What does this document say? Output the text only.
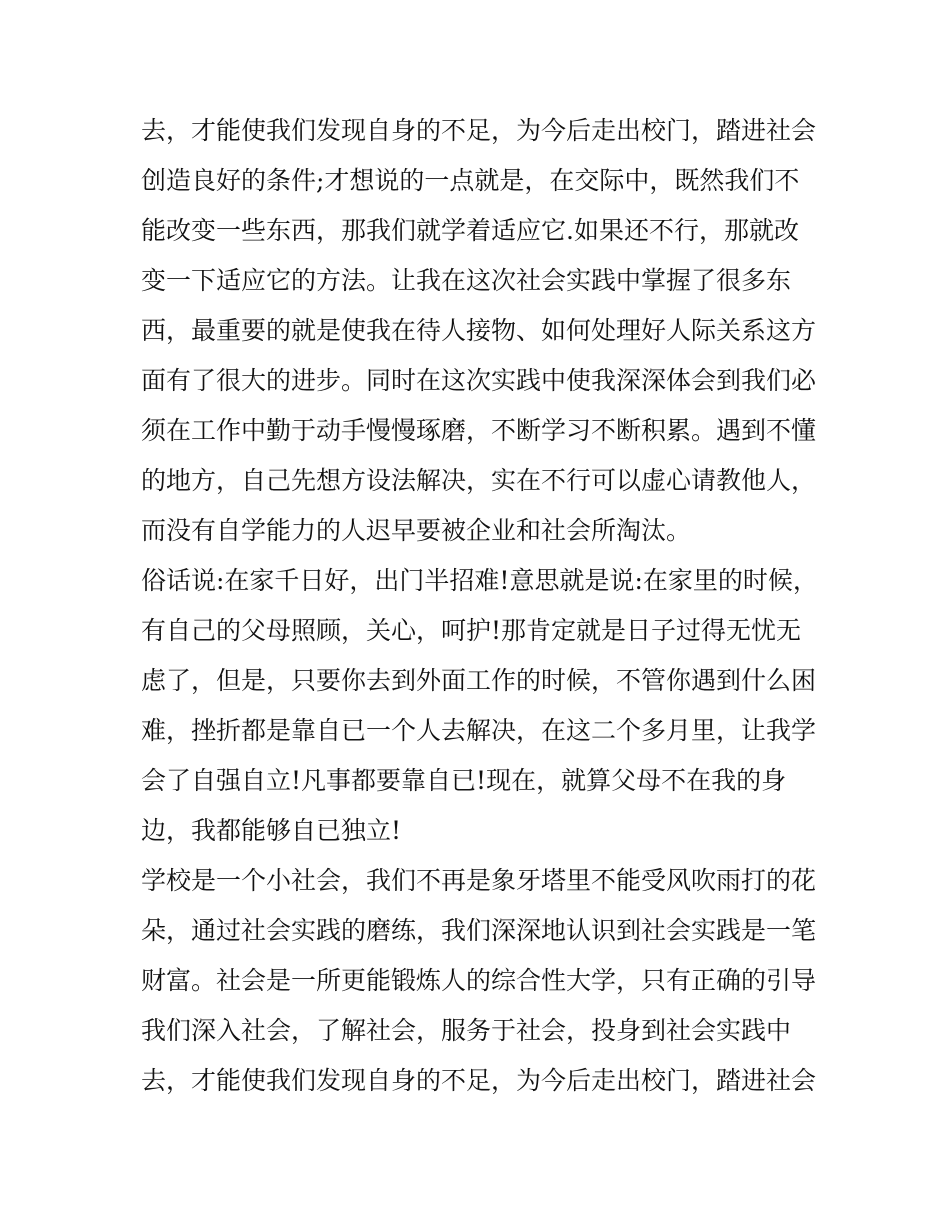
去，才能使我们发现自身的不足，为今后走出校门，踏进社会
创造良好的条件;才想说的一点就是，在交际中，既然我们不
能改变一些东西，那我们就学着适应它.如果还不行，那就改
变一下适应它的方法。让我在这次社会实践中掌握了很多东
西，最重要的就是使我在待人接物、如何处理好人际关系这方
面有了很大的进步。同时在这次实践中使我深深体会到我们必
须在工作中勤于动手慢慢琢磨，不断学习不断积累。遇到不懂
的地方，自己先想方设法解决，实在不行可以虚心请教他人，
而没有自学能力的人迟早要被企业和社会所淘汰。
俗话说:在家千日好，出门半招难!意思就是说:在家里的时候，
有自己的父母照顾，关心，呵护!那肯定就是日子过得无忧无
虑了，但是，只要你去到外面工作的时候，不管你遇到什么困
难，挫折都是靠自已一个人去解决，在这二个多月里，让我学
会了自强自立!凡事都要靠自已!现在，就算父母不在我的身
边，我都能够自已独立!
学校是一个小社会，我们不再是象牙塔里不能受风吹雨打的花
朵，通过社会实践的磨练，我们深深地认识到社会实践是一笔
财富。社会是一所更能锻炼人的综合性大学，只有正确的引导
我们深入社会，了解社会，服务于社会，投身到社会实践中
去，才能使我们发现自身的不足，为今后走出校门，踏进社会
